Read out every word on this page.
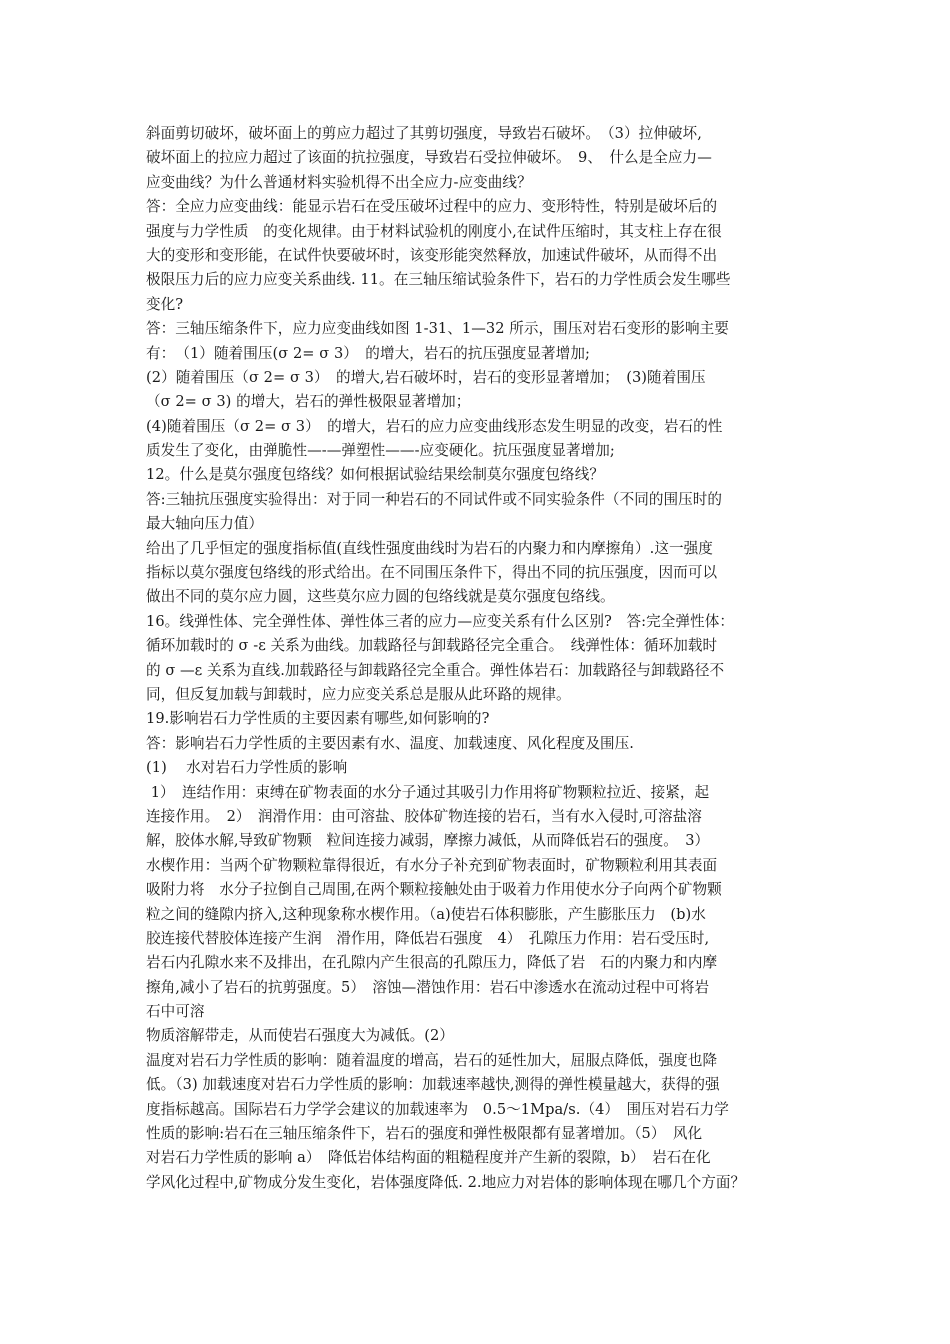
斜面剪切破坏，破坏面上的剪应力超过了其剪切强度，导致岩石破坏。　（3）拉伸破坏,
破坏面上的拉应力超过了该面的抗拉强度，导致岩石受拉伸破坏。　9、　什么是全应力—
应变曲线？为什么普通材料实验机得不出全应力-应变曲线？
答：全应力应变曲线：能显示岩石在受压破坏过程中的应力、变形特性，特别是破坏后的
强度与力学性质　的变化规律。由于材料试验机的刚度小,在试件压缩时，其支柱上存在很
大的变形和变形能，在试件快要破坏时，该变形能突然释放，加速试件破坏，从而得不出
极限压力后的应力应变关系曲线. 11。在三轴压缩试验条件下，岩石的力学性质会发生哪些
变化?
答：三轴压缩条件下，应力应变曲线如图 1-31、1—32 所示，围压对岩石变形的影响主要
有：　（1）随着围压(σ 2= σ 3）　的增大，岩石的抗压强度显著增加;
(2）随着围压（σ 2= σ 3）　的增大,岩石破坏时，岩石的变形显著增加；　(3)随着围压
（σ 2= σ 3) 的增大，岩石的弹性极限显著增加；
(4)随着围压（σ 2= σ 3）　的增大，岩石的应力应变曲线形态发生明显的改变，岩石的性
质发生了变化，由弹脆性—-—弹塑性——-应变硬化。抗压强度显著增加;
12。什么是莫尔强度包络线？如何根据试验结果绘制莫尔强度包络线？
答:三轴抗压强度实验得出：对于同一种岩石的不同试件或不同实验条件（不同的围压时的
最大轴向压力值）
给出了几乎恒定的强度指标值(直线性强度曲线时为岩石的内聚力和内摩擦角）.这一强度
指标以莫尔强度包络线的形式给出。在不同围压条件下，得出不同的抗压强度，因而可以
做出不同的莫尔应力圆，这些莫尔应力圆的包络线就是莫尔强度包络线。
16。线弹性体、完全弹性体、弹性体三者的应力—应变关系有什么区别?　答:完全弹性体：
循环加载时的 σ -ε 关系为曲线。加载路径与卸载路径完全重合。　线弹性体：循环加载时
的 σ —ε 关系为直线.加载路径与卸载路径完全重合。弹性体岩石：加载路径与卸载路径不
同，但反复加载与卸载时，应力应变关系总是服从此环路的规律。
19.影响岩石力学性质的主要因素有哪些,如何影响的?
答：影响岩石力学性质的主要因素有水、温度、加载速度、风化程度及围压.
(1)　 水对岩石力学性质的影响
1）　连结作用：束缚在矿物表面的水分子通过其吸引力作用将矿物颗粒拉近、接紧，起
连接作用。　2）　润滑作用：由可溶盐、胶体矿物连接的岩石，当有水入侵时,可溶盐溶
解，胶体水解,导致矿物颗　粒间连接力减弱，摩擦力减低，从而降低岩石的强度。　3）
水楔作用：当两个矿物颗粒靠得很近，有水分子补充到矿物表面时，矿物颗粒利用其表面
吸附力将　水分子拉倒自己周围,在两个颗粒接触处由于吸着力作用使水分子向两个矿物颗
粒之间的缝隙内挤入,这种现象称水楔作用。（a)使岩石体积膨胀，产生膨胀压力　(b)水
胶连接代替胶体连接产生润　滑作用，降低岩石强度　4）　孔隙压力作用：岩石受压时,
岩石内孔隙水来不及排出，在孔隙内产生很高的孔隙压力，降低了岩　石的内聚力和内摩
擦角,减小了岩石的抗剪强度。5）　溶蚀—潜蚀作用：岩石中渗透水在流动过程中可将岩
石中可溶
物质溶解带走，从而使岩石强度大为减低。(2）
温度对岩石力学性质的影响：随着温度的增高，岩石的延性加大，屈服点降低，强度也降
低。（3) 加载速度对岩石力学性质的影响：加载速率越快,测得的弹性模量越大，获得的强
度指标越高。国际岩石力学学会建议的加载速率为　0.5～1Mpa/s.（4）　围压对岩石力学
性质的影响:岩石在三轴压缩条件下，岩石的强度和弹性极限都有显著增加。（5）　风化
对岩石力学性质的影响 a）　降低岩体结构面的粗糙程度并产生新的裂隙，b）　岩石在化
学风化过程中,矿物成分发生变化，岩体强度降低. 2.地应力对岩体的影响体现在哪几个方面？
